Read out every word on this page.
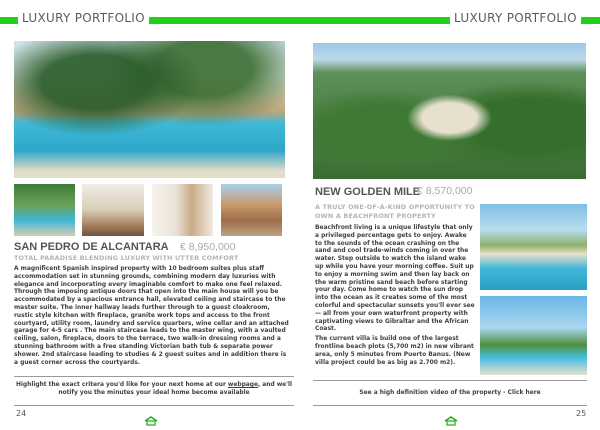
LUXURY PORTFOLIO	LUXURY PORTFOLIO
SAN PEDRO DE ALCANTARA € 8,950,000
TOTAL PARADISE BLENDING LUXURY WITH UTTER COMFORT

A magnificent Spanish inspired property with 10 bedroom suites plus staff accommodation set in stunning grounds, combining modern day luxuries with elegance and incorporating every imaginable comfort to make one feel relaxed. Through the imposing antique doors that open into the main house will you be accommodated by a spacious entrance hall, elevated ceiling and staircase to the master suite. The inner hallway leads further through to a guest cloakroom, rustic style kitchen with fireplace, granite work tops and access to the front courtyard, utility room, laundry and service quarters, wine cellar and an attached garage for 4-5 cars . The main staircase leads to the master wing, with a vaulted ceiling, salon, fireplace, doors to the terrace, two walk-in dressing rooms and a stunning bathroom with a free standing Victorian bath tub & separate power shower. 2nd staircase leading to studies & 2 guest suites and in addition there is a guest corner across the courtyards.

Highlight the exact critera you'd like for your next home at our webpage, and we'll notify you the minutes your ideal home become available
24
NEW GOLDEN MILE
€ 8,570,000
A TRULY ONE-OF-A-KIND OPPORTUNITY TO OWN A BEACHFRONT PROPERTY

Beachfront living is a unique lifestyle that only a privileged percentage gets to enjoy. Awake to the sounds of the ocean crashing on the sand and cool trade-winds coming in over the water. Step outside to watch the island wake up while you have your morning coffee. Suit up to enjoy a morning swim and then lay back on the warm pristine sand beach before starting your day. Come home to watch the sun drop into the ocean as it creates some of the most colorful and spectacular sunsets you'll ever see — all from your own waterfront property with captivating views to Gibraltar and the African Coast.

The current villa is build one of the largest frontline beach plots (5,700 m2) in new vibrant area, only 5 minutes from Puerto Banus. (New villa project could be as big as 2.700 m2).

See a high definition video of the property - Click here
25
